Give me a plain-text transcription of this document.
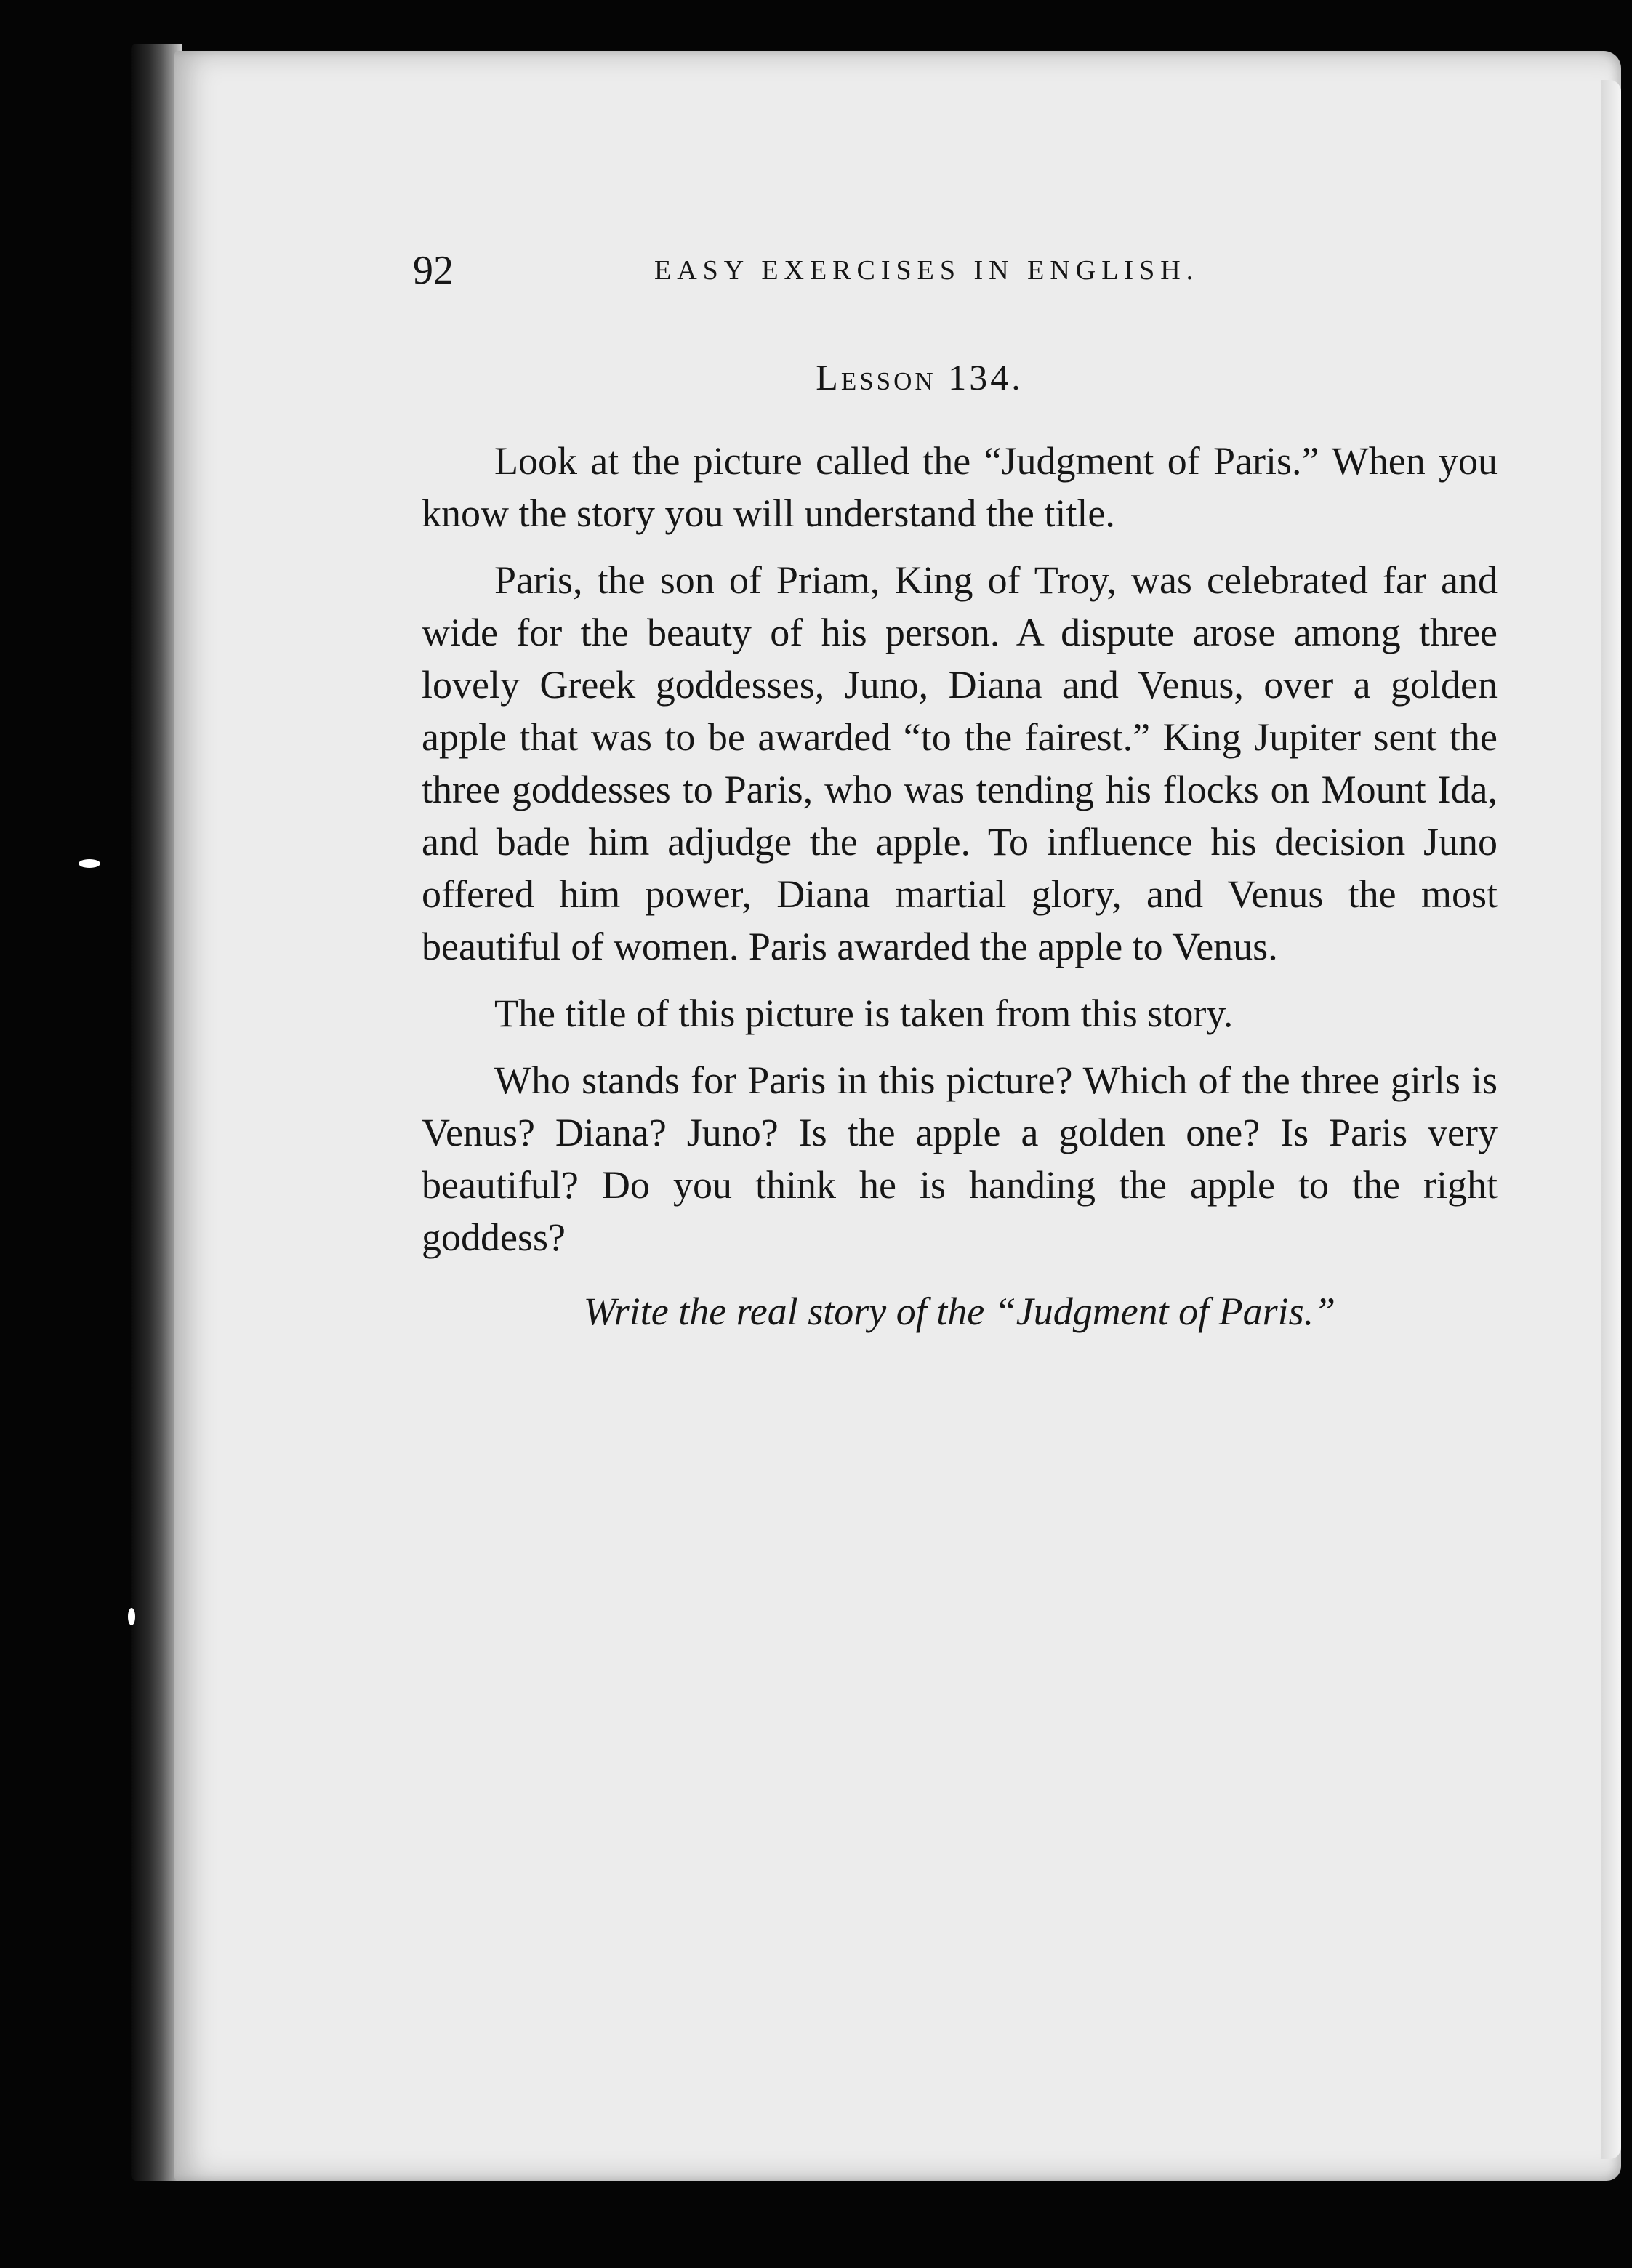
92	EASY EXERCISES IN ENGLISH.
Lesson 134.

Look at the picture called the “Judgment of Paris.” When you know the story you will understand the title.

Paris, the son of Priam, King of Troy, was celebrated far and wide for the beauty of his person. A dispute arose among three lovely Greek goddesses, Juno, Diana and Venus, over a golden apple that was to be awarded “to the fairest.” King Jupiter sent the three goddesses to Paris, who was tending his flocks on Mount Ida, and bade him adjudge the apple. To influence his decision Juno offered him power, Diana martial glory, and Venus the most beautiful of women. Paris awarded the apple to Venus.

The title of this picture is taken from this story.

Who stands for Paris in this picture? Which of the three girls is Venus? Diana? Juno? Is the apple a golden one? Is Paris very beautiful? Do you think he is handing the apple to the right goddess?

Write the real story of the “Judgment of Paris.”
